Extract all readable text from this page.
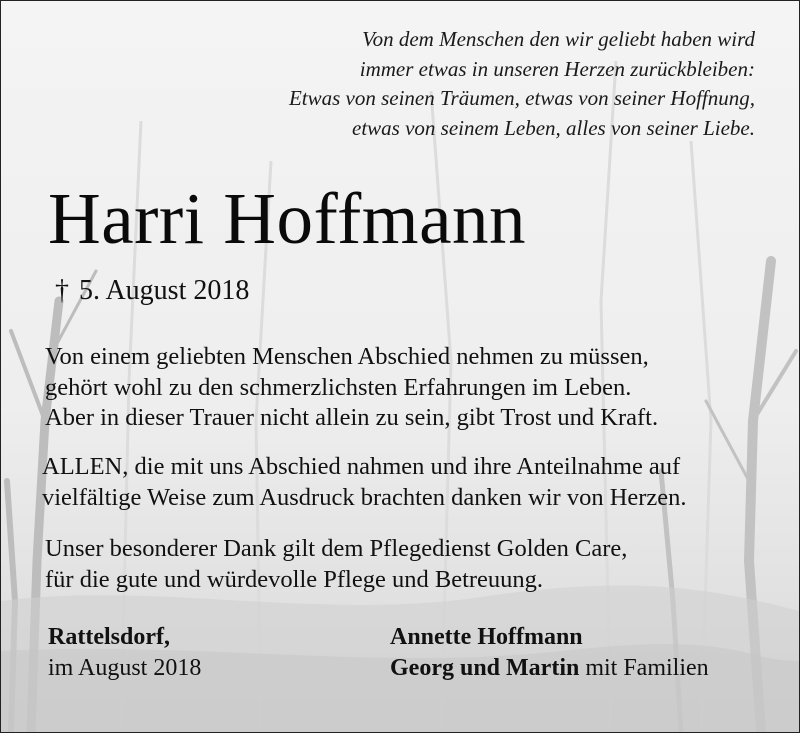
Von dem Menschen den wir geliebt haben wird
immer etwas in unseren Herzen zurückbleiben:
Etwas von seinen Träumen, etwas von seiner Hoffnung,
etwas von seinem Leben, alles von seiner Liebe.
Harri Hoffmann
† 5. August 2018
Von einem geliebten Menschen Abschied nehmen zu müssen,
gehört wohl zu den schmerzlichsten Erfahrungen im Leben.
Aber in dieser Trauer nicht allein zu sein, gibt Trost und Kraft.
ALLEN, die mit uns Abschied nahmen und ihre Anteilnahme auf
vielfältige Weise zum Ausdruck brachten danken wir von Herzen.
Unser besonderer Dank gilt dem Pflegedienst Golden Care,
für die gute und würdevolle Pflege und Betreuung.
Rattelsdorf,
im August 2018
Annette Hoffmann
Georg und Martin mit Familien
